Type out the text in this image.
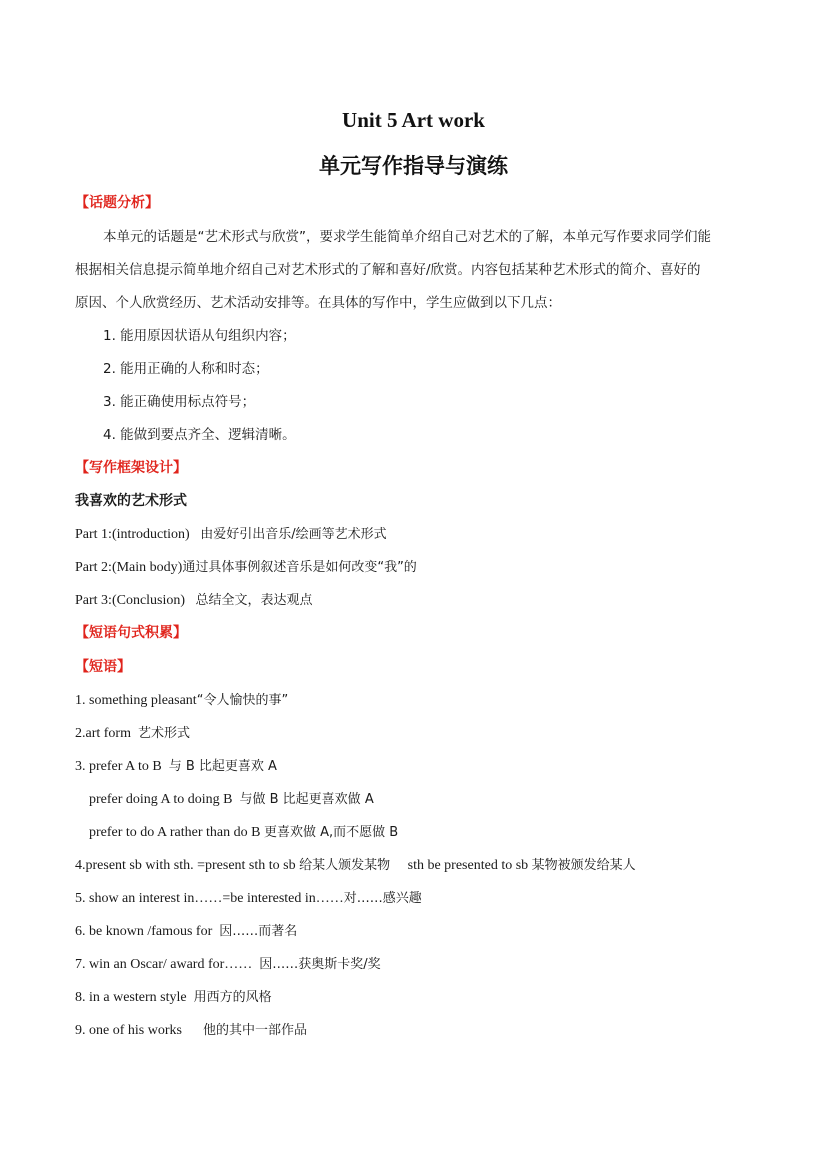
Unit 5 Art work
单元写作指导与演练
【话题分析】
本单元的话题是“艺术形式与欣赏”，要求学生能简单介绍自己对艺术的了解，本单元写作要求同学们能
根据相关信息提示简单地介绍自己对艺术形式的了解和喜好/欣赏。内容包括某种艺术形式的简介、喜好的
原因、个人欣赏经历、艺术活动安排等。在具体的写作中，学生应做到以下几点：
1. 能用原因状语从句组织内容；
2. 能用正确的人称和时态；
3. 能正确使用标点符号；
4. 能做到要点齐全、逻辑清晰。
【写作框架设计】
我喜欢的艺术形式
Part 1:(introduction) 由爱好引出音乐/绘画等艺术形式
Part 2:(Main body)通过具体事例叙述音乐是如何改变“我”的
Part 3:(Conclusion) 总结全文，表达观点
【短语句式积累】
【短语】
1. something pleasant“令人愉快的事”
2.art form 艺术形式
3. prefer A to B 与 B 比起更喜欢 A
prefer doing A to doing B 与做 B 比起更喜欢做 A
prefer to do A rather than do B 更喜欢做 A,而不愿做 B
4.present sb with sth. =present sth to sb 给某人颁发某物 sth be presented to sb 某物被颁发给某人
5. show an interest in……=be interested in……对……感兴趣
6. be known /famous for 因……而著名
7. win an Oscar/ award for…… 因……获奥斯卡奖/奖
8. in a western style 用西方的风格
9. one of his works 他的其中一部作品
